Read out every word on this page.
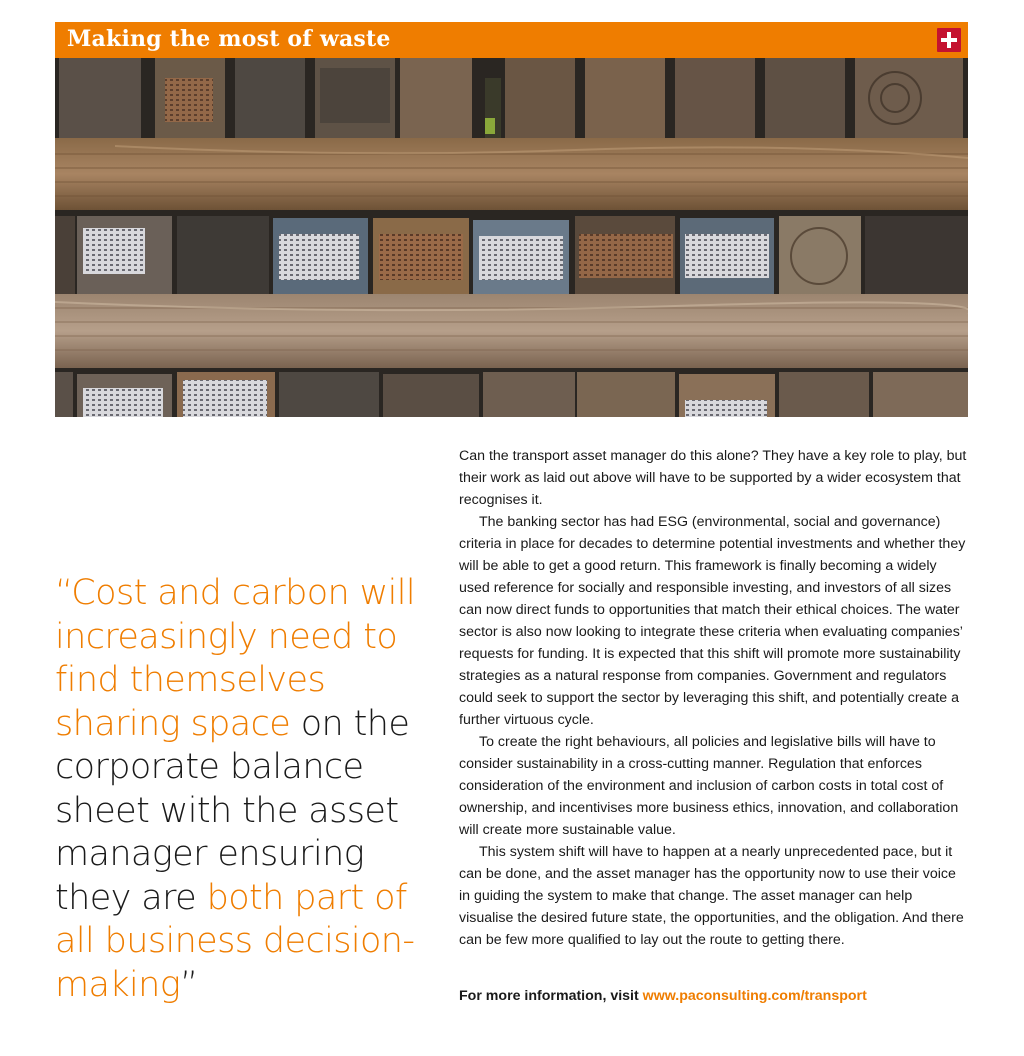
Making the most of waste
“Cost and carbon will increasingly need to find themselves sharing space on the corporate balance sheet with the asset manager ensuring they are both part of all business decision-making”

Can the transport asset manager do this alone? They have a key role to play, but their work as laid out above will have to be supported by a wider ecosystem that recognises it.

The banking sector has had ESG (environmental, social and governance) criteria in place for decades to determine potential investments and whether they will be able to get a good return. This framework is finally becoming a widely used reference for socially and responsible investing, and investors of all sizes can now direct funds to opportunities that match their ethical choices. The water sector is also now looking to integrate these criteria when evaluating companies’ requests for funding. It is expected that this shift will promote more sustainability strategies as a natural response from companies. Government and regulators could seek to support the sector by leveraging this shift, and potentially create a further virtuous cycle.

To create the right behaviours, all policies and legislative bills will have to consider sustainability in a cross-cutting manner. Regulation that enforces consideration of the environment and inclusion of carbon costs in total cost of ownership, and incentivises more business ethics, innovation, and collaboration will create more sustainable value.

This system shift will have to happen at a nearly unprecedented pace, but it can be done, and the asset manager has the opportunity now to use their voice in guiding the system to make that change. The asset manager can help visualise the desired future state, the opportunities, and the obligation. And there can be few more qualified to lay out the route to getting there.

For more information, visit www.paconsulting.com/transport
